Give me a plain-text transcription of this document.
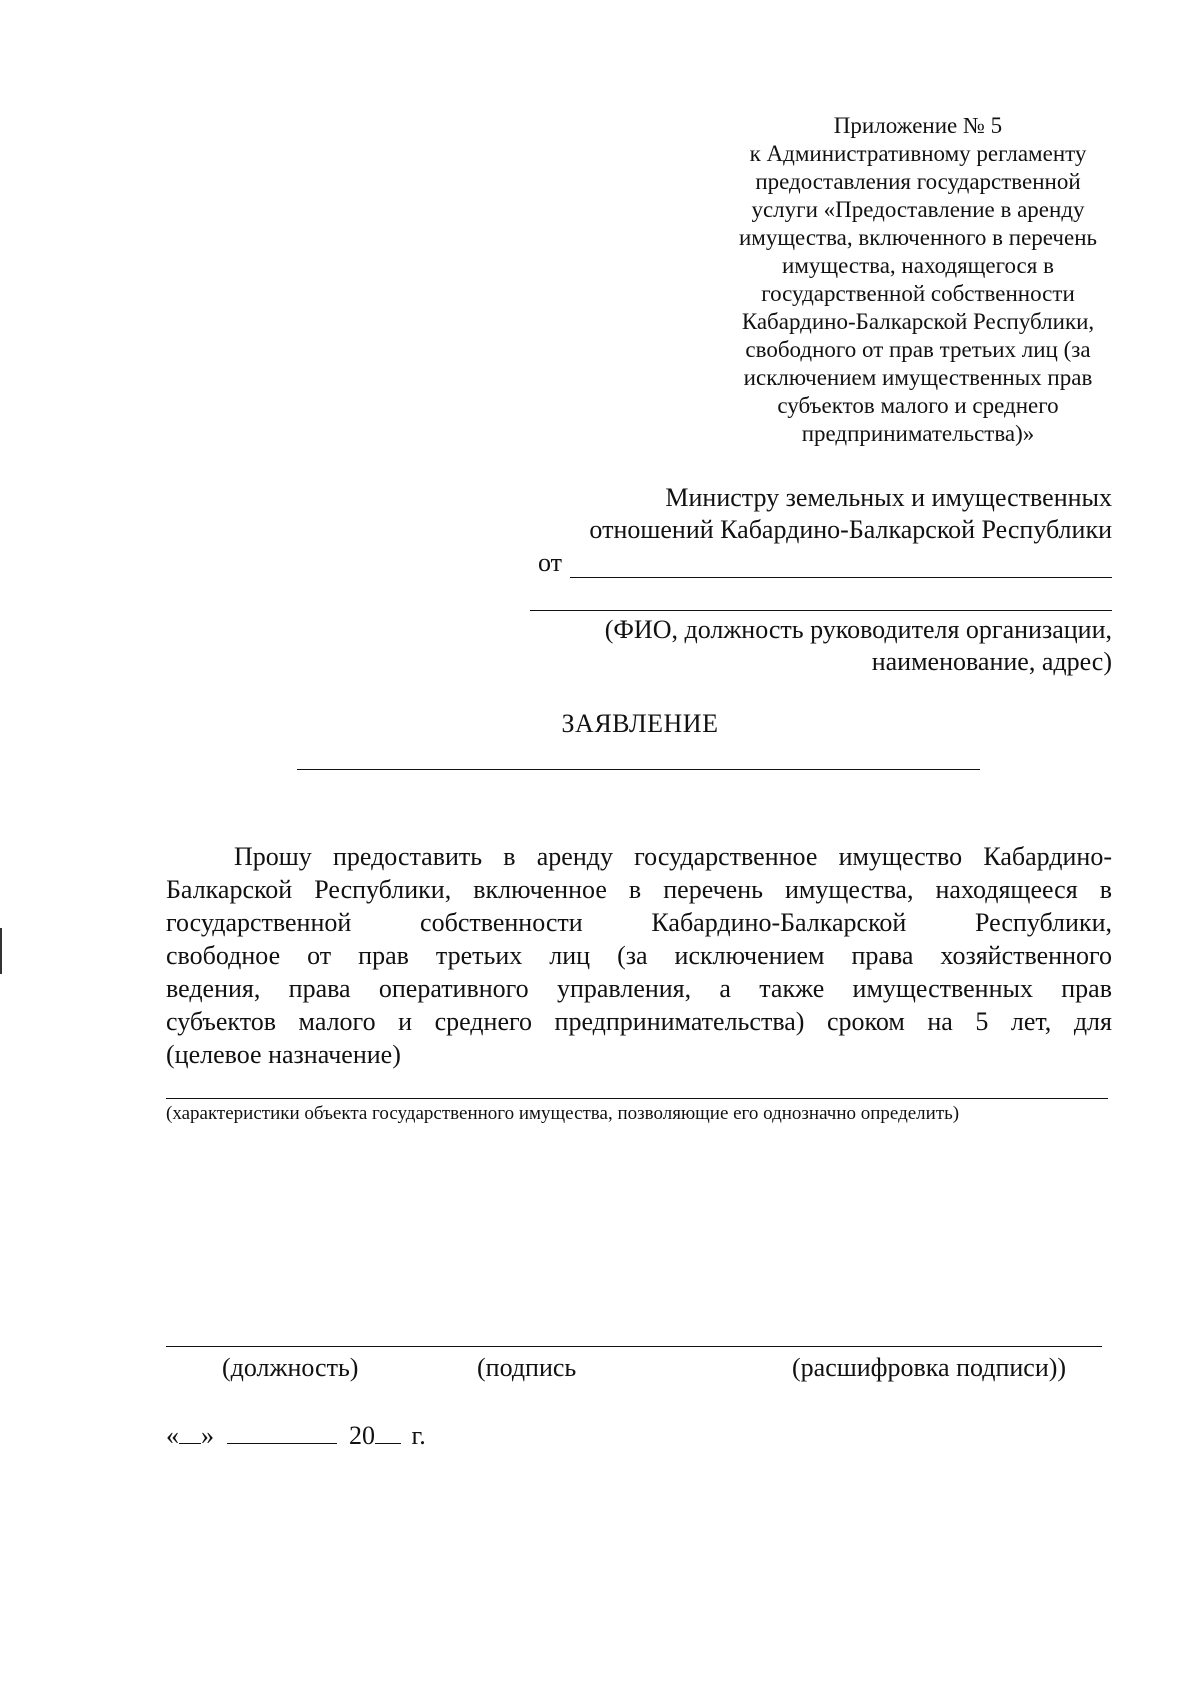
Приложение № 5
к Административному регламенту
предоставления государственной
услуги «Предоставление в аренду
имущества, включенного в перечень
имущества, находящегося в
государственной собственности
Кабардино-Балкарской Республики,
свободного от прав третьих лиц (за
исключением имущественных прав
субъектов малого и среднего
предпринимательства)»
Министру земельных и имущественных
отношений Кабардино-Балкарской Республики
от
(ФИО, должность руководителя организации,
наименование, адрес)
ЗАЯВЛЕНИЕ
Прошу предоставить в аренду государственное имущество Кабардино-
Балкарской Республики, включенное в перечень имущества, находящееся в
государственной собственности Кабардино-Балкарской Республики,
свободное от прав третьих лиц (за исключением права хозяйственного
ведения, права оперативного управления, а также имущественных прав
субъектов малого и среднего предпринимательства) сроком на 5 лет, для
(целевое назначение)
(характеристики объекта государственного имущества, позволяющие его однозначно определить)
(должность)	(подпись	(расшифровка подписи))
« »	20 г.
